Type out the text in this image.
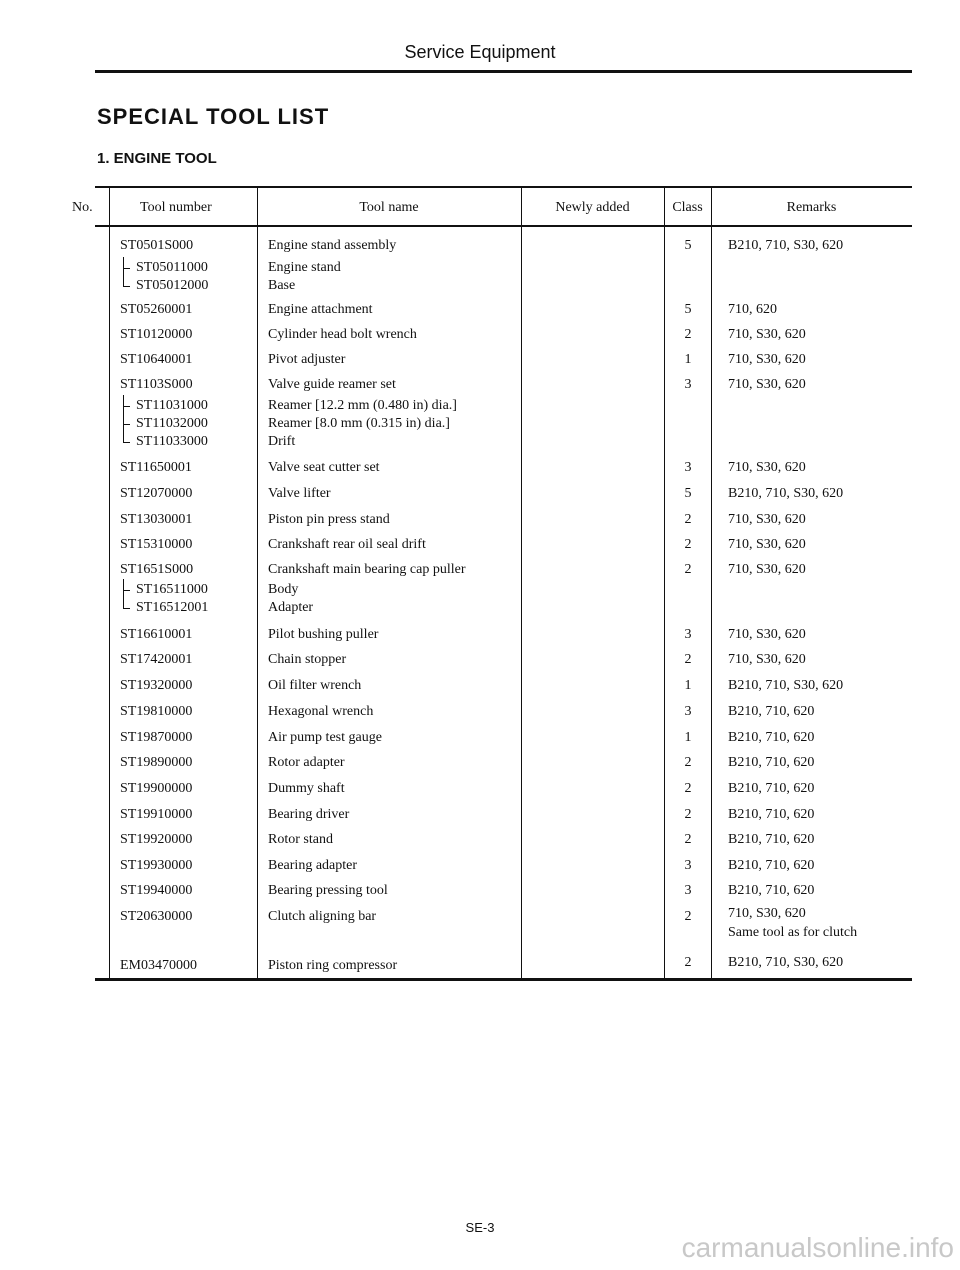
Service Equipment
SPECIAL TOOL LIST
1. ENGINE TOOL
No.	Tool number	Tool name	Newly added	Class	Remarks
ST0501S000	Engine stand assembly	5	B210, 710, S30, 620
ST05011000	Engine stand
ST05012000	Base
ST05260001	Engine attachment	5	710, 620
ST10120000	Cylinder head bolt wrench	2	710, S30, 620
ST10640001	Pivot adjuster	1	710, S30, 620
ST1103S000	Valve guide reamer set	3	710, S30, 620
ST11031000	Reamer [12.2 mm (0.480 in) dia.]
ST11032000	Reamer [8.0 mm (0.315 in) dia.]
ST11033000	Drift
ST11650001	Valve seat cutter set	3	710, S30, 620
ST12070000	Valve lifter	5	B210, 710, S30, 620
ST13030001	Piston pin press stand	2	710, S30, 620
ST15310000	Crankshaft rear oil seal drift	2	710, S30, 620
ST1651S000	Crankshaft main bearing cap puller	2	710, S30, 620
ST16511000	Body
ST16512001	Adapter
ST16610001	Pilot bushing puller	3	710, S30, 620
ST17420001	Chain stopper	2	710, S30, 620
ST19320000	Oil filter wrench	1	B210, 710, S30, 620
ST19810000	Hexagonal wrench	3	B210, 710, 620
ST19870000	Air pump test gauge	1	B210, 710, 620
ST19890000	Rotor adapter	2	B210, 710, 620
ST19900000	Dummy shaft	2	B210, 710, 620
ST19910000	Bearing driver	2	B210, 710, 620
ST19920000	Rotor stand	2	B210, 710, 620
ST19930000	Bearing adapter	3	B210, 710, 620
ST19940000	Bearing pressing tool	3	B210, 710, 620
ST20630000	Clutch aligning bar	2	710, S30, 620
Same tool as for clutch
EM03470000	Piston ring compressor	2	B210, 710, S30, 620
SE-3
carmanualsonline.info
